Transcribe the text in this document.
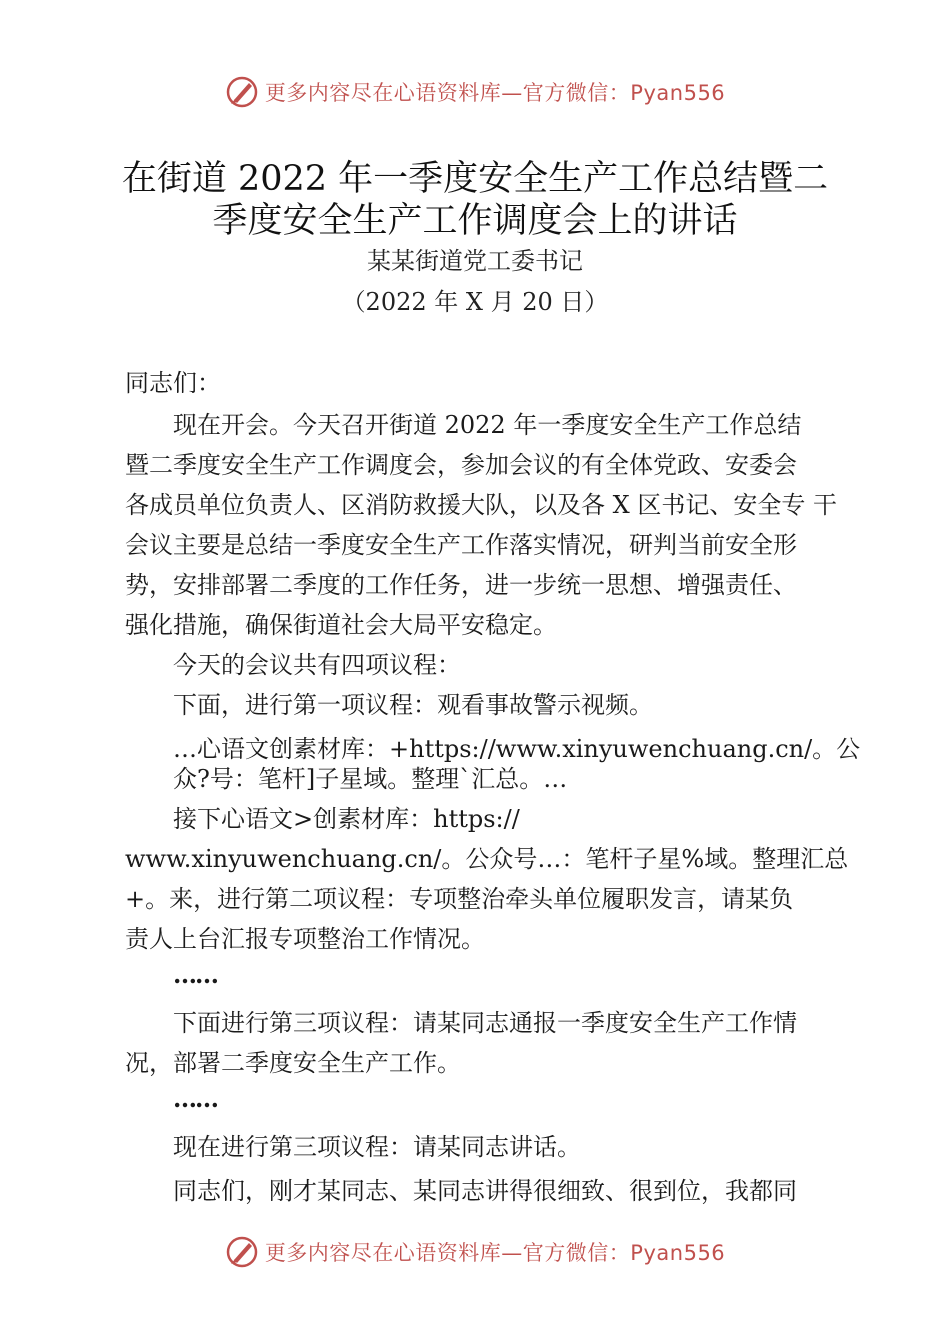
更多内容尽在心语资料库—官方微信：Pyan556
在街道 2022 年一季度安全生产工作总结暨二
季度安全生产工作调度会上的讲话
某某街道党工委书记
（2022 年 X 月 20 日）
同志们：
现在开会。今天召开街道 2022 年一季度安全生产工作总结
暨二季度安全生产工作调度会，参加会议的有全体党政、安委会
各成员单位负责人、区消防救援大队，以及各 X 区书记、安全专 干
会议主要是总结一季度安全生产工作落实情况，研判当前安全形
势，安排部署二季度的工作任务，进一步统一思想、增强责任、
强化措施，确保街道社会大局平安稳定。
今天的会议共有四项议程：
下面，进行第一项议程：观看事故警示视频。
…心语文创素材库：+https://www.xinyuwenchuang.cn/。公
众?号：笔杆]子星域。整理`汇总。…
接下心语文>创素材库：https://
www.xinyuwenchuang.cn/。公众号…：笔杆子星%域。整理汇总
+。来，进行第二项议程：专项整治牵头单位履职发言，请某负
责人上台汇报专项整治工作情况。
……
下面进行第三项议程：请某同志通报一季度安全生产工作情
况，部署二季度安全生产工作。
……
现在进行第三项议程：请某同志讲话。
同志们，刚才某同志、某同志讲得很细致、很到位，我都同
更多内容尽在心语资料库—官方微信：Pyan556
